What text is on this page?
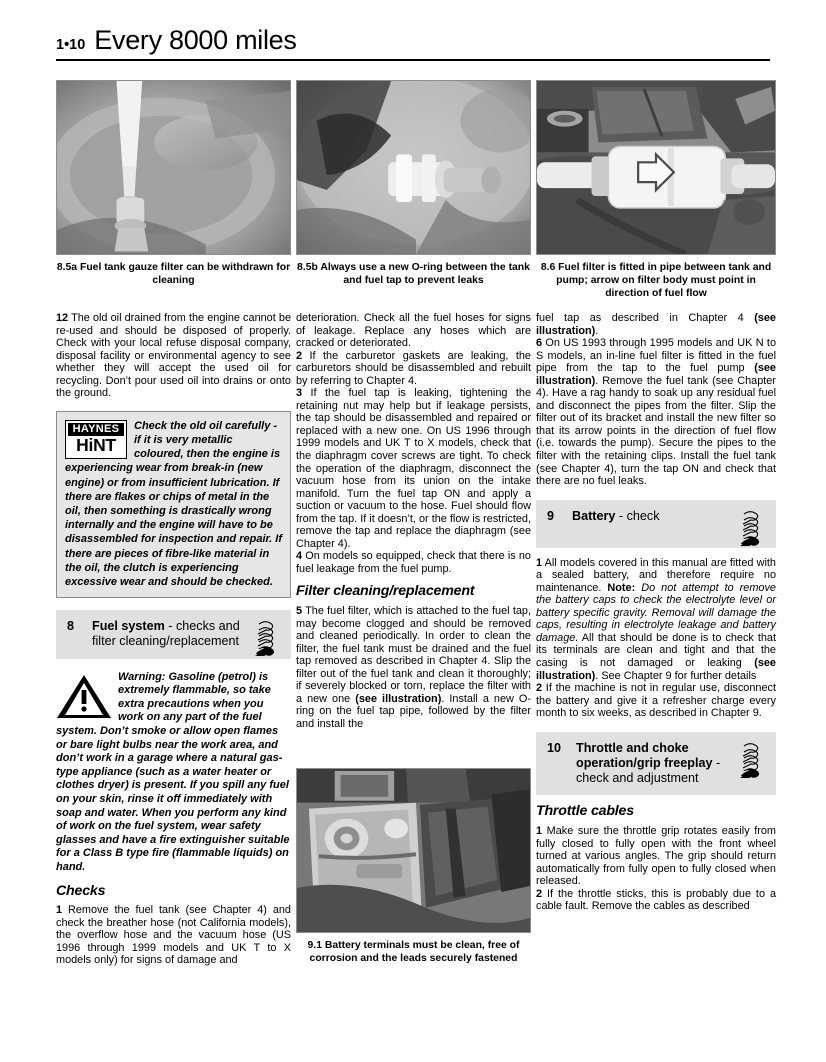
1•10 Every 8000 miles
8.5a Fuel tank gauze filter can be withdrawn for cleaning
8.5b Always use a new O-ring between the tank and fuel tap to prevent leaks
8.6 Fuel filter is fitted in pipe between tank and pump; arrow on filter body must point in direction of fuel flow

12 The old oil drained from the engine cannot be re-used and should be disposed of properly. Check with your local refuse disposal company, disposal facility or environmental agency to see whether they will accept the used oil for recycling. Don’t pour used oil into drains or onto the ground.

HAYNES
HiNT
Check the old oil carefully - if it is very metallic coloured, then the engine is experiencing wear from break-in (new engine) or from insufficient lubrication. If there are flakes or chips of metal in the oil, then something is drastically wrong internally and the engine will have to be disassembled for inspection and repair. If there are pieces of fibre-like material in the oil, the clutch is experiencing excessive wear and should be checked.
8 Fuel system - checks and filter cleaning/replacement
Warning: Gasoline (petrol) is extremely flammable, so take extra precautions when you work on any part of the fuel system. Don’t smoke or allow open flames or bare light bulbs near the work area, and don’t work in a garage where a natural gas-type appliance (such as a water heater or clothes dryer) is present. If you spill any fuel on your skin, rinse it off immediately with soap and water. When you perform any kind of work on the fuel system, wear safety glasses and have a fire extinguisher suitable for a Class B type fire (flammable liquids) on hand.
Checks

1 Remove the fuel tank (see Chapter 4) and check the breather hose (not California models), the overflow hose and the vacuum hose (US 1996 through 1999 models and UK T to X models only) for signs of damage and

deterioration. Check all the fuel hoses for signs of leakage. Replace any hoses which are cracked or deteriorated.

2 If the carburetor gaskets are leaking, the carburetors should be disassembled and rebuilt by referring to Chapter 4.

3 If the fuel tap is leaking, tightening the retaining nut may help but if leakage persists, the tap should be disassembled and repaired or replaced with a new one. On US 1996 through 1999 models and UK T to X models, check that the diaphragm cover screws are tight. To check the operation of the diaphragm, disconnect the vacuum hose from its union on the intake manifold. Turn the fuel tap ON and apply a suction or vacuum to the hose. Fuel should flow from the tap. If it doesn’t, or the flow is restricted, remove the tap and replace the diaphragm (see Chapter 4).

4 On models so equipped, check that there is no fuel leakage from the fuel pump.

Filter cleaning/replacement

5 The fuel filter, which is attached to the fuel tap, may become clogged and should be removed and cleaned periodically. In order to clean the filter, the fuel tank must be drained and the fuel tap removed as described in Chapter 4. Slip the filter out of the fuel tank and clean it thoroughly; if severely blocked or torn, replace the filter with a new one (see illustration). Install a new O-ring on the fuel tap pipe, followed by the filter and install the

9.1 Battery terminals must be clean, free of corrosion and the leads securely fastened

fuel tap as described in Chapter 4 (see illustration).

6 On US 1993 through 1995 models and UK N to S models, an in-line fuel filter is fitted in the fuel pipe from the tap to the fuel pump (see illustration). Remove the fuel tank (see Chapter 4). Have a rag handy to soak up any residual fuel and disconnect the pipes from the filter. Slip the filter out of its bracket and install the new filter so that its arrow points in the direction of fuel flow (i.e. towards the pump). Secure the pipes to the filter with the retaining clips. Install the fuel tank (see Chapter 4), turn the tap ON and check that there are no fuel leaks.

9 Battery - check

1 All models covered in this manual are fitted with a sealed battery, and therefore require no maintenance. Note: Do not attempt to remove the battery caps to check the electrolyte level or battery specific gravity. Removal will damage the caps, resulting in electrolyte leakage and battery damage. All that should be done is to check that its terminals are clean and tight and that the casing is not damaged or leaking (see illustration). See Chapter 9 for further details

2 If the machine is not in regular use, disconnect the battery and give it a refresher charge every month to six weeks, as described in Chapter 9.

10 Throttle and choke operation/grip freeplay - check and adjustment
Throttle cables

1 Make sure the throttle grip rotates easily from fully closed to fully open with the front wheel turned at various angles. The grip should return automatically from fully open to fully closed when released.

2 If the throttle sticks, this is probably due to a cable fault. Remove the cables as described
